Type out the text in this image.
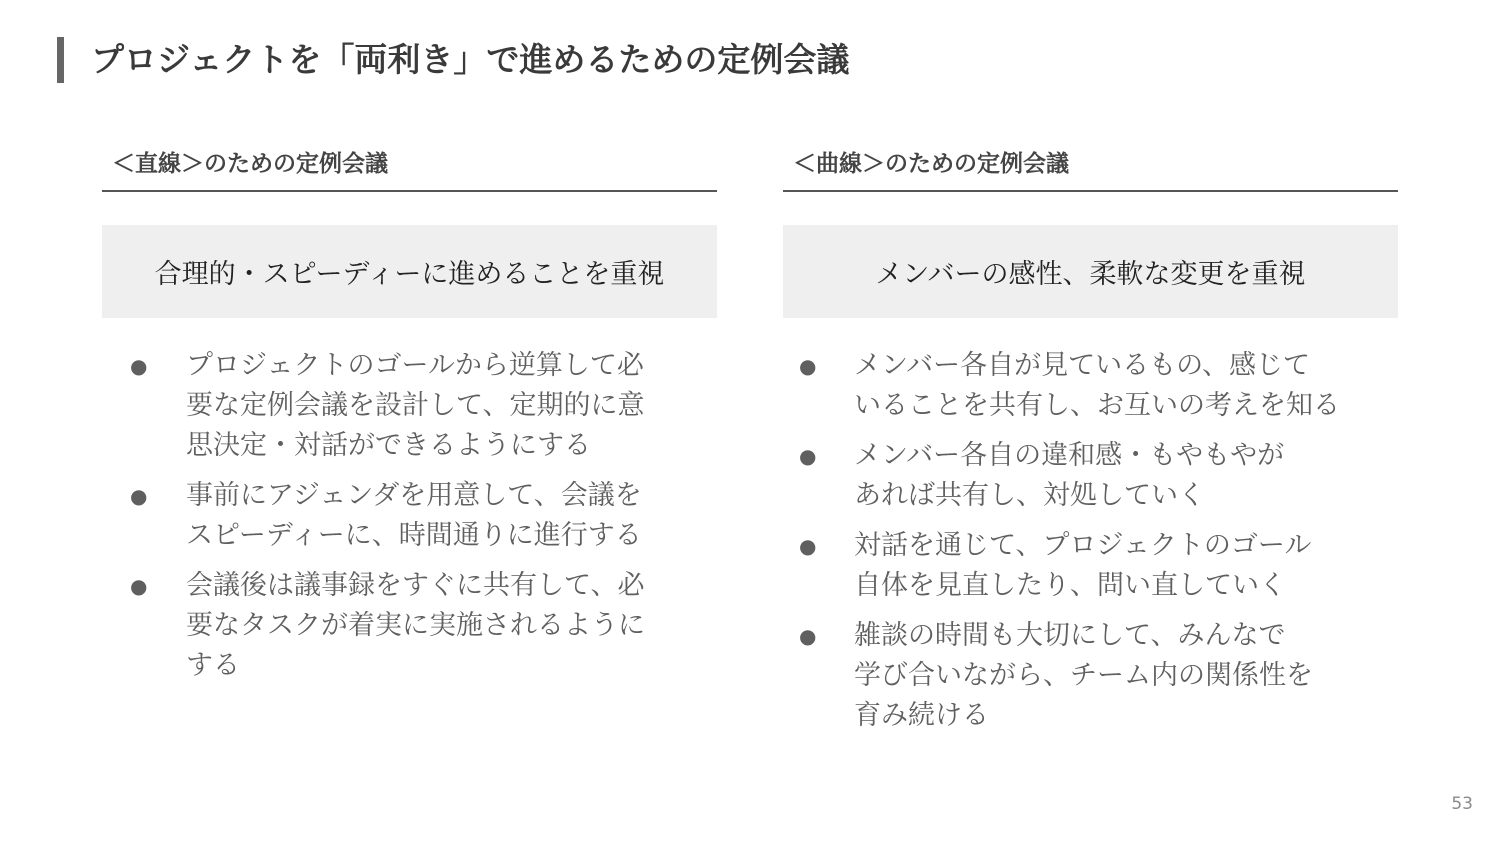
プロジェクトを「両利き」で進めるための定例会議
＜直線＞のための定例会議
合理的・スピーディーに進めることを重視
●	プロジェクトのゴールから逆算して必
要な定例会議を設計して、定期的に意
思決定・対話ができるようにする
●	事前にアジェンダを用意して、会議を
スピーディーに、時間通りに進行する
●	会議後は議事録をすぐに共有して、必
要なタスクが着実に実施されるように
する
＜曲線＞のための定例会議
メンバーの感性、柔軟な変更を重視
●	メンバー各自が見ているもの、感じて
いることを共有し、お互いの考えを知る
●	メンバー各自の違和感・もやもやが
あれば共有し、対処していく
●	対話を通じて、プロジェクトのゴール
自体を見直したり、問い直していく
●	雑談の時間も大切にして、みんなで
学び合いながら、チーム内の関係性を
育み続ける
53
